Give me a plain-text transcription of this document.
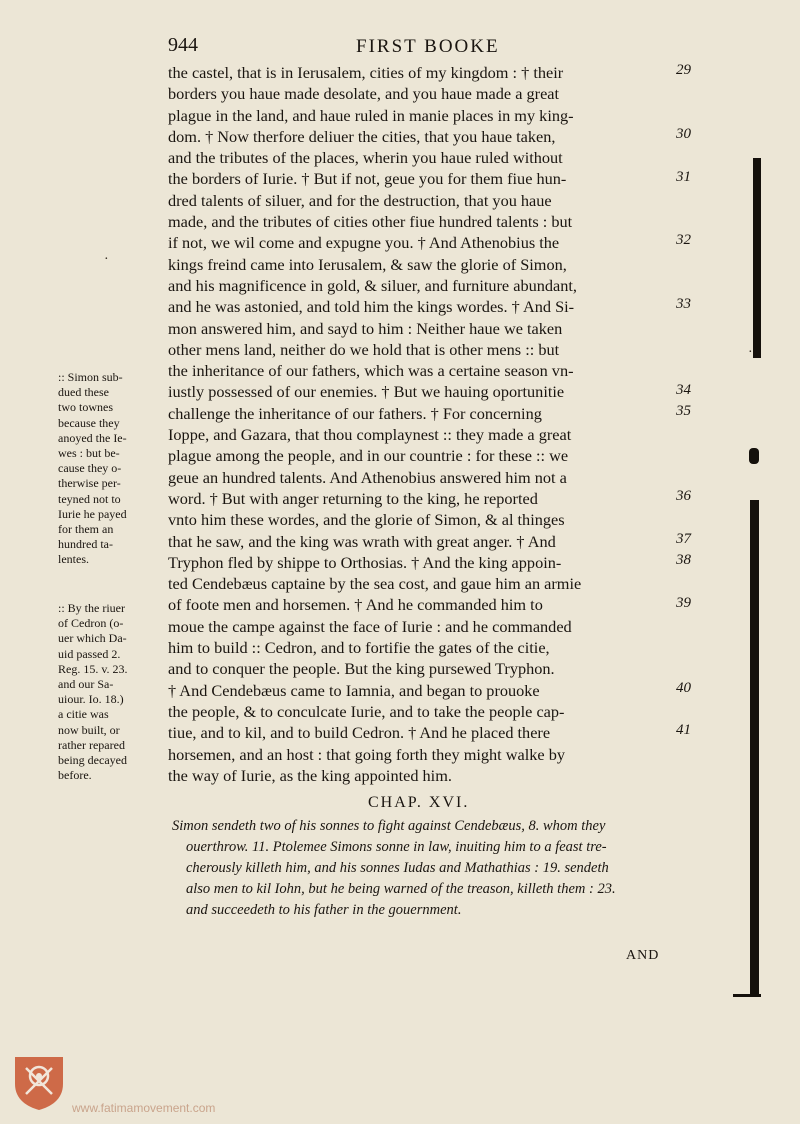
944	FIRST BOOKE
the castel, that is in Ierusalem, cities of my kingdom : † their
borders you haue made desolate, and you haue made a great
plague in the land, and haue ruled in manie places in my king-
dom. † Now therfore deliuer the cities, that you haue taken,
and the tributes of the places, wherin you haue ruled without
the borders of Iurie. † But if not, geue you for them fiue hun-
dred talents of siluer, and for the destruction, that you haue
made, and the tributes of cities other fiue hundred talents : but
if not, we wil come and expugne you. † And Athenobius the
kings freind came into Ierusalem, & saw the glorie of Simon,
and his magnificence in gold, & siluer, and furniture abundant,
and he was astonied, and told him the kings wordes. † And Si-
mon answered him, and sayd to him : Neither haue we taken
other mens land, neither do we hold that is other mens :: but
the inheritance of our fathers, which was a certaine season vn-
iustly possessed of our enemies. † But we hauing oportunitie
challenge the inheritance of our fathers. † For concerning
Ioppe, and Gazara, that thou complaynest :: they made a great
plague among the people, and in our countrie : for these :: we
geue an hundred talents. And Athenobius answered him not a
word. † But with anger returning to the king, he reported
vnto him these wordes, and the glorie of Simon, & al thinges
that he saw, and the king was wrath with great anger. † And
Tryphon fled by shippe to Orthosias. † And the king appoin-
ted Cendebæus captaine by the sea cost, and gaue him an armie
of foote men and horsemen. † And he commanded him to
moue the campe against the face of Iurie : and he commanded
him to build :: Cedron, and to fortifie the gates of the citie,
and to conquer the people. But the king pursewed Tryphon.
† And Cendebæus came to Iamnia, and began to prouoke
the people, & to conculcate Iurie, and to take the people cap-
tiue, and to kil, and to build Cedron. † And he placed there
horsemen, and an host : that going forth they might walke by
the way of Iurie, as the king appointed him.
29
30
31
32
33
34
35
36
37
38
39
40
41
:: Simon sub-
dued these
two townes
because they
anoyed the Ie-
wes : but be-
cause they o-
therwise per-
teyned not to
Iurie he payed
for them an
hundred ta-
lentes.
:: By the riuer
of Cedron (o-
uer which Da-
uid passed 2.
Reg. 15. v. 23.
and our Sa-
uiour. Io. 18.)
a citie was
now built, or
rather repared
being decayed
before.
CHAP. XVI.
Simon sendeth two of his sonnes to fight against Cendebæus, 8. whom they
ouerthrow. 11. Ptolemee Simons sonne in law, inuiting him to a feast tre-
cherously killeth him, and his sonnes Iudas and Mathathias : 19. sendeth
also men to kil Iohn, but he being warned of the treason, killeth them : 23.
and succeedeth to his father in the gouernment.
AND
·
·
www.fatimamovement.com
